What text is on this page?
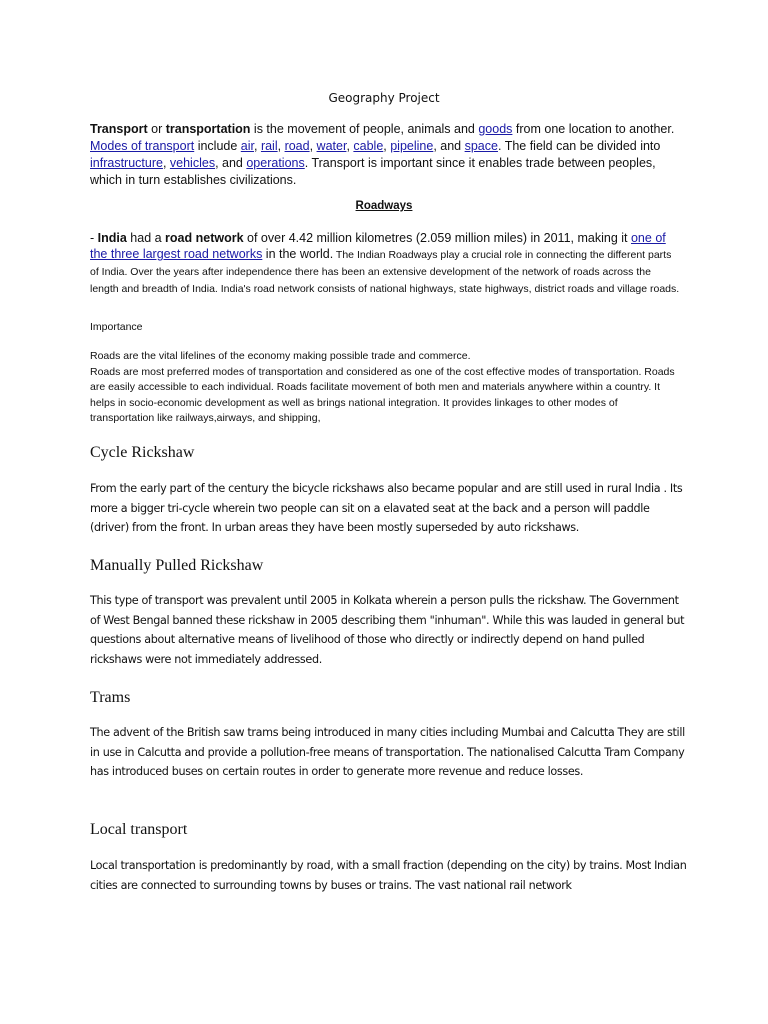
Geography Project
Transport or transportation is the movement of people, animals and goods from one location to another. Modes of transport include air, rail, road, water, cable, pipeline, and space. The field can be divided into infrastructure, vehicles, and operations. Transport is important since it enables trade between peoples, which in turn establishes civilizations.
Roadways
- India had a road network of over 4.42 million kilometres (2.059 million miles) in 2011, making it one of the three largest road networks in the world. The Indian Roadways play a crucial role in connecting the different parts of India. Over the years after independence there has been an extensive development of the network of roads across the length and breadth of India. India's road network consists of national highways, state highways, district roads and village roads.
Importance
Roads are the vital lifelines of the economy making possible trade and commerce.
Roads are most preferred modes of transportation and considered as one of the cost effective modes of transportation. Roads are easily accessible to each individual. Roads facilitate movement of both men and materials anywhere within a country. It helps in socio-economic development as well as brings national integration. It provides linkages to other modes of transportation like railways,airways, and shipping,
Cycle Rickshaw
From the early part of the century the bicycle rickshaws also became popular and are still used in rural India . Its more a bigger tri-cycle wherein two people can sit on a elavated seat at the back and a person will paddle (driver) from the front. In urban areas they have been mostly superseded by auto rickshaws.
Manually Pulled Rickshaw
This type of transport was prevalent until 2005 in Kolkata wherein a person pulls the rickshaw. The Government of West Bengal banned these rickshaw in 2005 describing them "inhuman". While this was lauded in general but questions about alternative means of livelihood of those who directly or indirectly depend on hand pulled rickshaws were not immediately addressed.
Trams
The advent of the British saw trams being introduced in many cities including Mumbai and Calcutta They are still in use in Calcutta and provide a pollution-free means of transportation. The nationalised Calcutta Tram Company has introduced buses on certain routes in order to generate more revenue and reduce losses.
Local transport
Local transportation is predominantly by road, with a small fraction (depending on the city) by trains. Most Indian cities are connected to surrounding towns by buses or trains. The vast national rail network
